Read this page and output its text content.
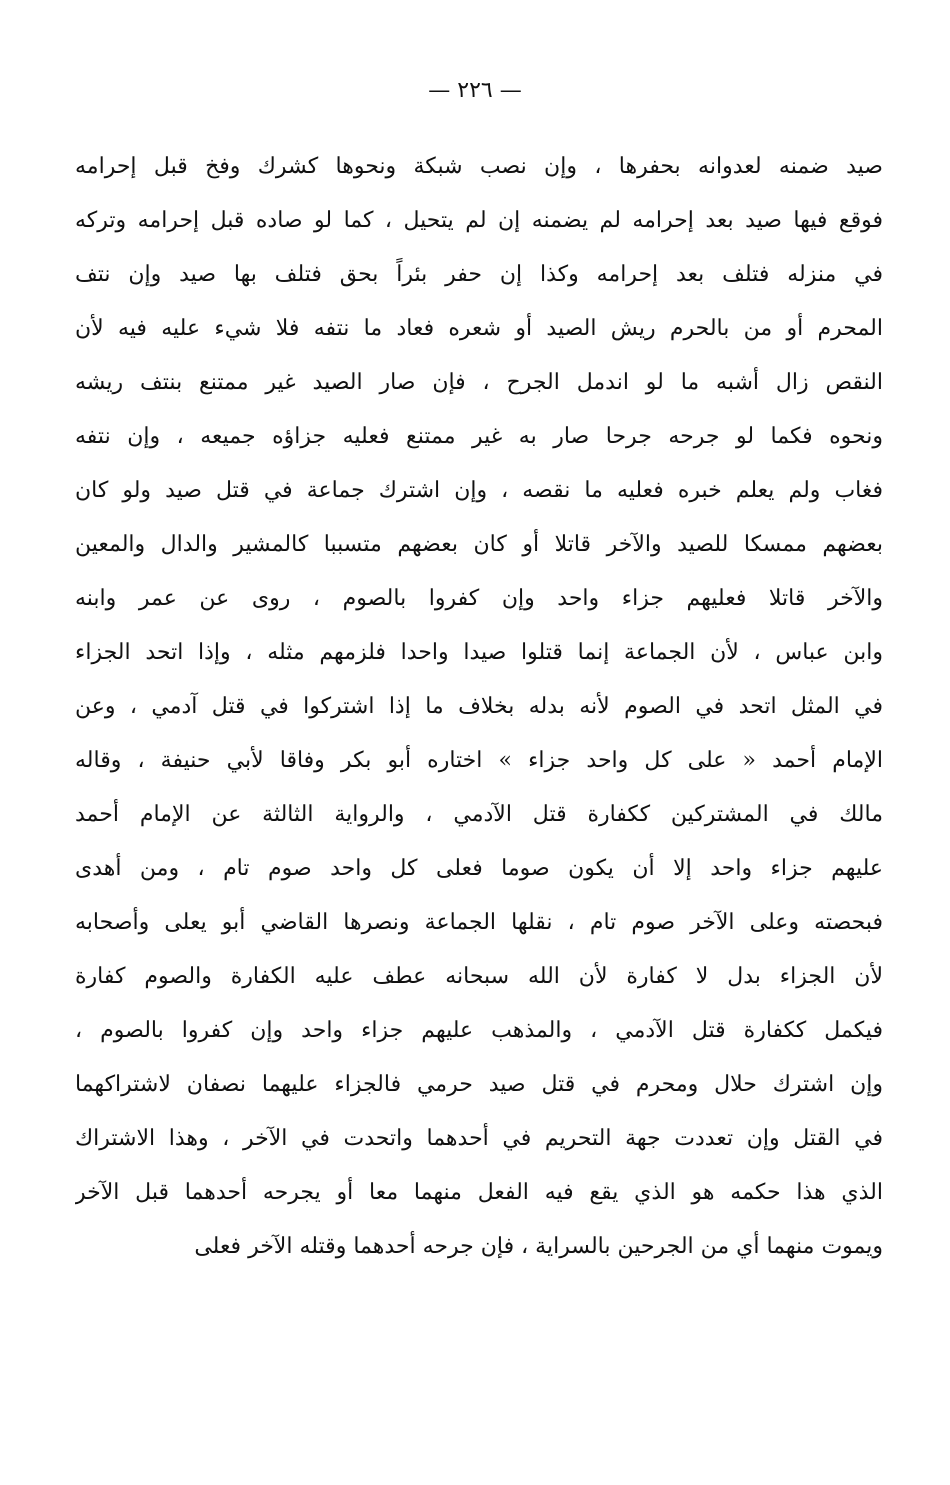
— ٢٢٦ —
صيد ضمنه لعدوانه بحفرها ، وإن نصب شبكة ونحوها كشرك وفخ قبل إحرامه
فوقع فيها صيد بعد إحرامه لم يضمنه إن لم يتحيل ، كما لو صاده قبل إحرامه وتركه
في منزله فتلف بعد إحرامه وكذا إن حفر بئراً بحق فتلف بها صيد وإن نتف
المحرم أو من بالحرم ريش الصيد أو شعره فعاد ما نتفه فلا شيء عليه فيه لأن
النقص زال أشبه ما لو اندمل الجرح ، فإن صار الصيد غير ممتنع بنتف ريشه
ونحوه فكما لو جرحه جرحا صار به غير ممتنع فعليه جزاؤه جميعه ، وإن نتفه
فغاب ولم يعلم خبره فعليه ما نقصه ، وإن اشترك جماعة في قتل صيد ولو كان
بعضهم ممسكا للصيد والآخر قاتلا أو كان بعضهم متسببا كالمشير والدال والمعين
والآخر قاتلا فعليهم جزاء واحد وإن كفروا بالصوم ، روى عن عمر وابنه
وابن عباس ، لأن الجماعة إنما قتلوا صيدا واحدا فلزمهم مثله ، وإذا اتحد الجزاء
في المثل اتحد في الصوم لأنه بدله بخلاف ما إذا اشتركوا في قتل آدمي ، وعن
الإمام أحمد « على كل واحد جزاء » اختاره أبو بكر وفاقا لأبي حنيفة ، وقاله
مالك في المشتركين ككفارة قتل الآدمي ، والرواية الثالثة عن الإمام أحمد
عليهم جزاء واحد إلا أن يكون صوما فعلى كل واحد صوم تام ، ومن أهدى
فبحصته وعلى الآخر صوم تام ، نقلها الجماعة ونصرها القاضي أبو يعلى وأصحابه
لأن الجزاء بدل لا كفارة لأن الله سبحانه عطف عليه الكفارة والصوم كفارة
فيكمل ككفارة قتل الآدمي ، والمذهب عليهم جزاء واحد وإن كفروا بالصوم ،
وإن اشترك حلال ومحرم في قتل صيد حرمي فالجزاء عليهما نصفان لاشتراكهما
في القتل وإن تعددت جهة التحريم في أحدهما واتحدت في الآخر ، وهذا الاشتراك
الذي هذا حكمه هو الذي يقع فيه الفعل منهما معا أو يجرحه أحدهما قبل الآخر
ويموت منهما أي من الجرحين بالسراية ، فإن جرحه أحدهما وقتله الآخر فعلى
